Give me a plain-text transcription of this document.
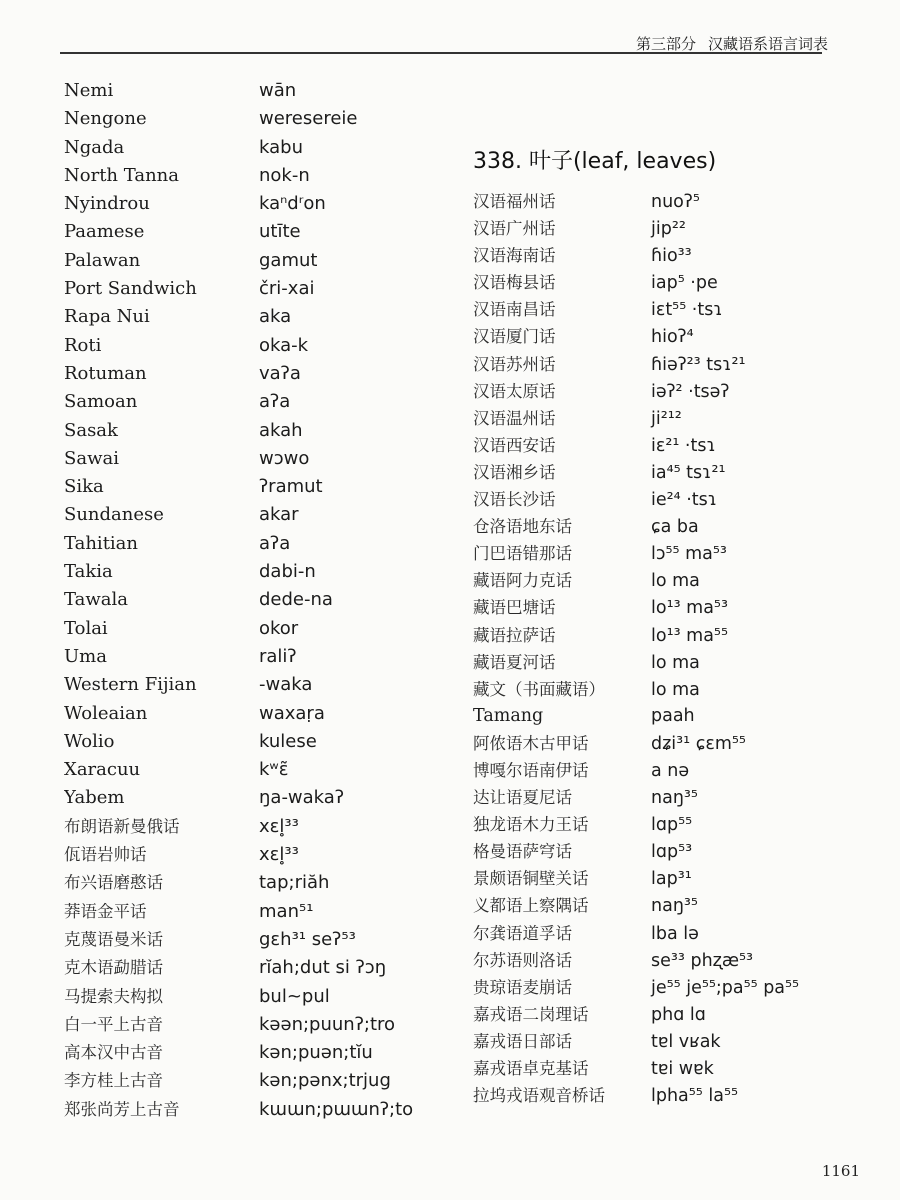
第三部分 汉藏语系语言词表
Nemi	wān
Nengone	weresereie
Ngada	kabu
North Tanna	nok-n
Nyindrou	kaⁿdʳon
Paamese	utīte
Palawan	gamut
Port Sandwich	čri-xai
Rapa Nui	aka
Roti	oka-k
Rotuman	vaʔa
Samoan	aʔa
Sasak	akah
Sawai	wɔwo
Sika	ʔramut
Sundanese	akar
Tahitian	aʔa
Takia	dabi-n
Tawala	dede-na
Tolai	okor
Uma	raliʔ
Western Fijian	-waka
Woleaian	waxaṛa
Wolio	kulese
Xaracuu	kʷɛ̃
Yabem	ŋa-wakaʔ
布朗语新曼俄话	xɛl̥³³
佤语岩帅话	xɛl̥³³
布兴语磨憨话	tap;riăh
莽语金平话	man⁵¹
克蔑语曼米话	gɛh³¹ seʔ⁵³
克木语勐腊话	rĭah;dut si ʔɔŋ
马提索夫构拟	bul~pul
白一平上古音	kəən;puunʔ;tro
高本汉中古音	kən;puən;tĭu
李方桂上古音	kən;pənx;trjug
郑张尚芳上古音	kɯɯn;pɯɯnʔ;to
338. 叶子(leaf, leaves)
汉语福州话	nuoʔ⁵
汉语广州话	jip²²
汉语海南话	ɦio³³
汉语梅县话	iap⁵ ·pe
汉语南昌话	iɛt⁵⁵ ·tsɿ
汉语厦门话	hioʔ⁴
汉语苏州话	ɦiəʔ²³ tsɿ²¹
汉语太原话	iəʔ² ·tsəʔ
汉语温州话	ji²¹²
汉语西安话	iɛ²¹ ·tsɿ
汉语湘乡话	ia⁴⁵ tsɿ²¹
汉语长沙话	ie²⁴ ·tsɿ
仓洛语地东话	ɕa ba
门巴语错那话	lɔ⁵⁵ ma⁵³
藏语阿力克话	lo ma
藏语巴塘话	lo¹³ ma⁵³
藏语拉萨话	lo¹³ ma⁵⁵
藏语夏河话	lo ma
藏文（书面藏语）	lo ma
Tamang	paah
阿侬语木古甲话	dʑi³¹ ɕɛm⁵⁵
博嘎尔语南伊话	a nə
达让语夏尼话	naŋ³⁵
独龙语木力王话	lɑp⁵⁵
格曼语萨穹话	lɑp⁵³
景颇语铜壁关话	lap³¹
义都语上察隅话	naŋ³⁵
尔龚语道孚话	lba lə
尔苏语则洛话	se³³ phʐæ⁵³
贵琼语麦崩话	je⁵⁵ je⁵⁵;pa⁵⁵ pa⁵⁵
嘉戎语二岗理话	phɑ lɑ
嘉戎语日部话	tɐl vʁak
嘉戎语卓克基话	tɐi wɐk
拉坞戎语观音桥话	lpha⁵⁵ la⁵⁵
1161
